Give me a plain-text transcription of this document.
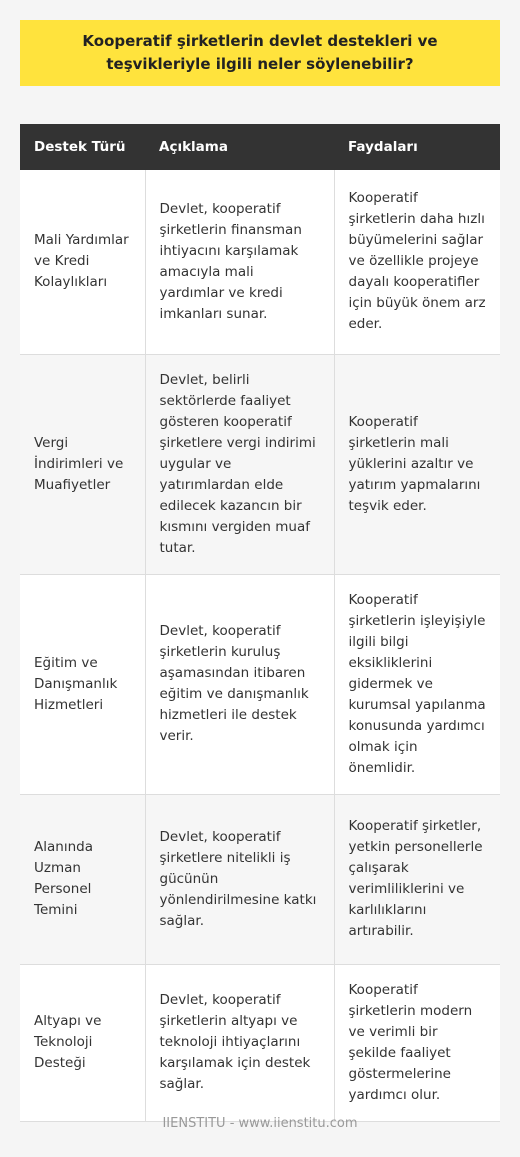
Kooperatif şirketlerin devlet destekleri ve teşvikleriyle ilgili neler söylenebilir?
Destek Türü	Açıklama	Faydaları
Mali Yardımlar ve Kredi Kolaylıkları	Devlet, kooperatif şirketlerin finansman ihtiyacını karşılamak amacıyla mali yardımlar ve kredi imkanları sunar.	Kooperatif şirketlerin daha hızlı büyümelerini sağlar ve özellikle projeye dayalı kooperatifler için büyük önem arz eder.
Vergi İndirimleri ve Muafiyetler	Devlet, belirli sektörlerde faaliyet gösteren kooperatif şirketlere vergi indirimi uygular ve yatırımlardan elde edilecek kazancın bir kısmını vergiden muaf tutar.	Kooperatif şirketlerin mali yüklerini azaltır ve yatırım yapmalarını teşvik eder.
Eğitim ve Danışmanlık Hizmetleri	Devlet, kooperatif şirketlerin kuruluş aşamasından itibaren eğitim ve danışmanlık hizmetleri ile destek verir.	Kooperatif şirketlerin işleyişiyle ilgili bilgi eksikliklerini gidermek ve kurumsal yapılanma konusunda yardımcı olmak için önemlidir.
Alanında Uzman Personel Temini	Devlet, kooperatif şirketlere nitelikli iş gücünün yönlendirilmesine katkı sağlar.	Kooperatif şirketler, yetkin personellerle çalışarak verimliliklerini ve karlılıklarını artırabilir.
Altyapı ve Teknoloji Desteği	Devlet, kooperatif şirketlerin altyapı ve teknoloji ihtiyaçlarını karşılamak için destek sağlar.	Kooperatif şirketlerin modern ve verimli bir şekilde faaliyet göstermelerine yardımcı olur.
IIENSTITU - www.iienstitu.com
